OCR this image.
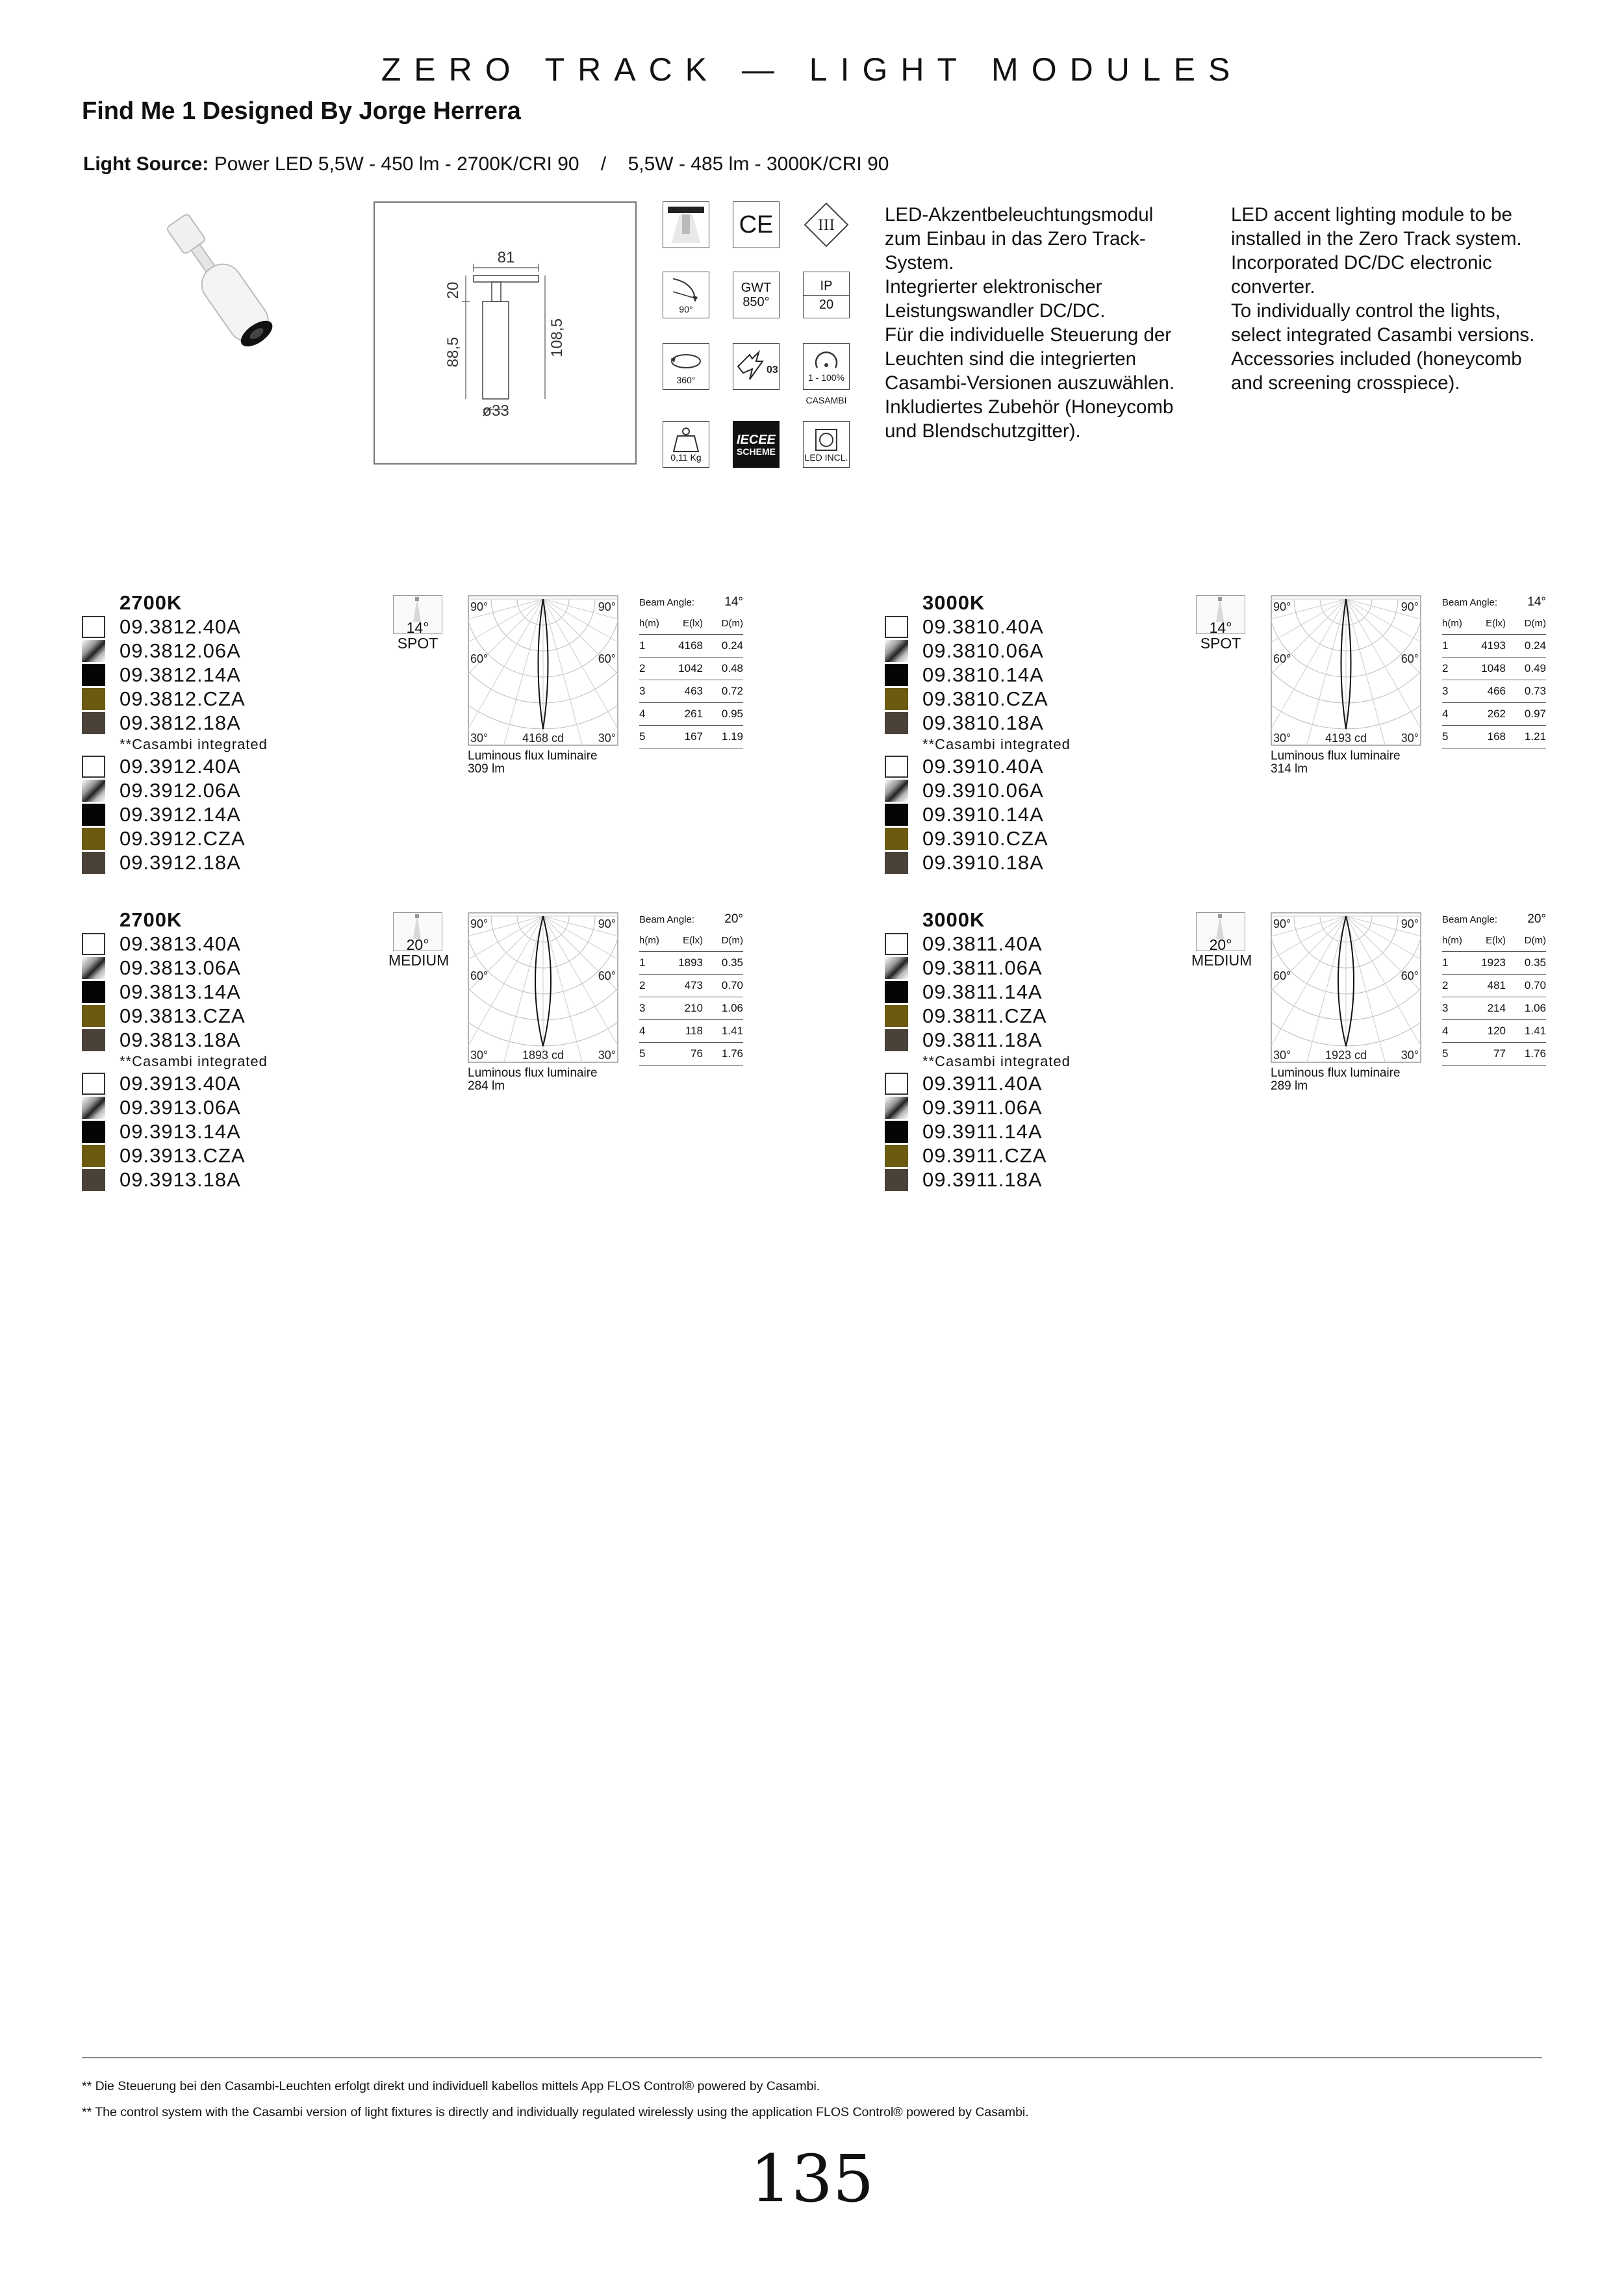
ZERO TRACK — LIGHT MODULES
Find Me 1 Designed By Jorge Herrera
Light Source: Power LED 5,5W - 450 lm - 2700K/CRI 90    /    5,5W - 485 lm - 3000K/CRI 90
81
20
88,5	108,5
ø33
CE	III
90°
GWT
850°
IP
20
360°
03
1 - 100%
CASAMBI
0,11 Kg
IECEE
SCHEME
LED INCL.
LED-Akzentbeleuchtungsmodul
zum Einbau in das Zero Track-
System.
Integrierter elektronischer
Leistungswandler DC/DC.
Für die individuelle Steuerung der
Leuchten sind die integrierten
Casambi-Versionen auszuwählen.
Inkludiertes Zubehör (Honeycomb
und Blendschutzgitter).
LED accent lighting module to be
installed in the Zero Track system.
Incorporated DC/DC electronic
converter.
To individually control the lights,
select integrated Casambi versions.
Accessories included (honeycomb
and screening crosspiece).
2700K
09.3812.40A
09.3812.06A
09.3812.14A
09.3812.CZA
09.3812.18A
**Casambi integrated
09.3912.40A
09.3912.06A
09.3912.14A
09.3912.CZA
09.3912.18A
14°
SPOT
90°	90°
60°	60°
30°	30°
4168 cd
Luminous flux luminaire
309 lm
Beam Angle: 14°
h(m)	E(lx)	D(m)
1	4168	0.24
2	1042	0.48
3	463	0.72
4	261	0.95
5	167	1.19
3000K
09.3810.40A
09.3810.06A
09.3810.14A
09.3810.CZA
09.3810.18A
**Casambi integrated
09.3910.40A
09.3910.06A
09.3910.14A
09.3910.CZA
09.3910.18A
14°
SPOT
90°	90°
60°	60°
30°	30°
4193 cd
Luminous flux luminaire
314 lm
Beam Angle: 14°
h(m)	E(lx)	D(m)
1	4193	0.24
2	1048	0.49
3	466	0.73
4	262	0.97
5	168	1.21
2700K
09.3813.40A
09.3813.06A
09.3813.14A
09.3813.CZA
09.3813.18A
**Casambi integrated
09.3913.40A
09.3913.06A
09.3913.14A
09.3913.CZA
09.3913.18A
20°
MEDIUM
90°	90°
60°	60°
30°	30°
1893 cd
Luminous flux luminaire
284 lm
Beam Angle: 20°
h(m)	E(lx)	D(m)
1	1893	0.35
2	473	0.70
3	210	1.06
4	118	1.41
5	76	1.76
3000K
09.3811.40A
09.3811.06A
09.3811.14A
09.3811.CZA
09.3811.18A
**Casambi integrated
09.3911.40A
09.3911.06A
09.3911.14A
09.3911.CZA
09.3911.18A
20°
MEDIUM
90°	90°
60°	60°
30°	30°
1923 cd
Luminous flux luminaire
289 lm
Beam Angle: 20°
h(m)	E(lx)	D(m)
1	1923	0.35
2	481	0.70
3	214	1.06
4	120	1.41
5	77	1.76
** Die Steuerung bei den Casambi-Leuchten erfolgt direkt und individuell kabellos mittels App FLOS Control® powered by Casambi.
** The control system with the Casambi version of light fixtures is directly and individually regulated wirelessly using the application FLOS Control® powered by Casambi.
135
